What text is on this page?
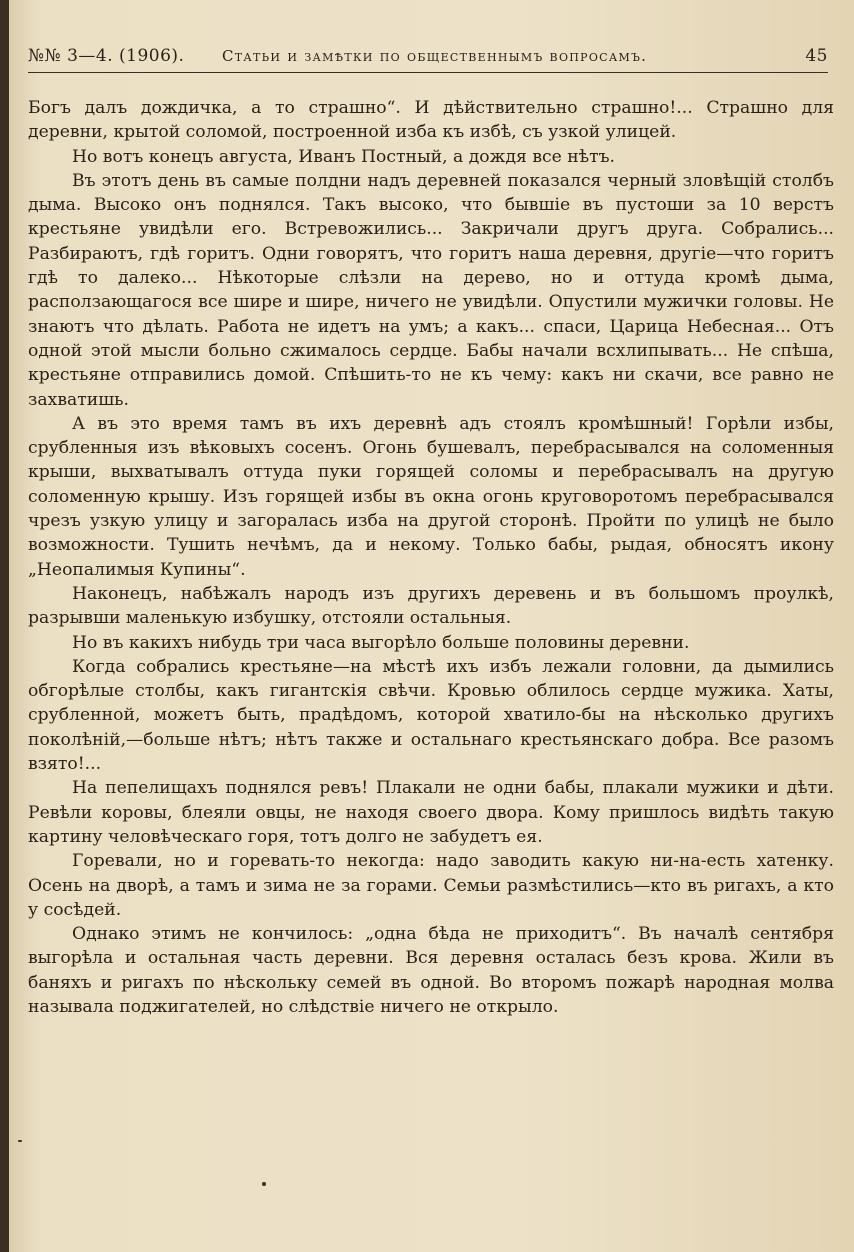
№№ 3—4. (1906).	Статьи и замѣтки по общественнымъ вопросамъ.	45

Богъ далъ дождичка, а то страшно“. И дѣйствительно страшно!... Страшно для деревни, крытой соломой, построенной изба къ избѣ, съ узкой улицей.

Но вотъ конецъ августа, Иванъ Постный, а дождя все нѣтъ.

Въ этотъ день въ самые полдни надъ деревней показался черный зловѣщій столбъ дыма. Высоко онъ поднялся. Такъ высоко, что бывшіе въ пустоши за 10 верстъ крестьяне увидѣли его. Встревожились... Закричали другъ друга. Собрались... Разбираютъ, гдѣ горитъ. Одни говорятъ, что горитъ наша деревня, другіе—что горитъ гдѣ то далеко... Нѣкоторые слѣзли на дерево, но и оттуда кромѣ дыма, расползающагося все шире и шире, ничего не увидѣли. Опустили мужички головы. Не знаютъ что дѣлать. Работа не идетъ на умъ; а какъ... спаси, Царица Небесная... Отъ одной этой мысли больно сжималось сердце. Бабы начали всхлипывать... Не спѣша, крестьяне отправились домой. Спѣшить-то не къ чему: какъ ни скачи, все равно не захватишь.

А въ это время тамъ въ ихъ деревнѣ адъ стоялъ кромѣшный! Горѣли избы, срубленныя изъ вѣковыхъ сосенъ. Огонь бушевалъ, перебрасывался на соломенныя крыши, выхватывалъ оттуда пуки горящей соломы и перебрасывалъ на другую соломенную крышу. Изъ горящей избы въ окна огонь круговоротомъ перебрасывался чрезъ узкую улицу и загоралась изба на другой сторонѣ. Пройти по улицѣ не было возможности. Тушить нечѣмъ, да и некому. Только бабы, рыдая, обносятъ икону „Неопалимыя Купины“.

Наконецъ, набѣжалъ народъ изъ другихъ деревень и въ большомъ проулкѣ, разрывши маленькую избушку, отстояли остальныя.

Но въ какихъ нибудь три часа выгорѣло больше половины деревни.

Когда собрались крестьяне—на мѣстѣ ихъ избъ лежали головни, да дымились обгорѣлые столбы, какъ гигантскія свѣчи. Кровью облилось сердце мужика. Хаты, срубленной, можетъ быть, прадѣдомъ, которой хватило-бы на нѣсколько другихъ поколѣній,—больше нѣтъ; нѣтъ также и остальнаго крестьянскаго добра. Все разомъ взято!...

На пепелищахъ поднялся ревъ! Плакали не одни бабы, плакали мужики и дѣти. Ревѣли коровы, блеяли овцы, не находя своего двора. Кому пришлось видѣть такую картину человѣческаго горя, тотъ долго не забудетъ ея.

Горевали, но и горевать-то некогда: надо заводить какую ни-на-есть хатенку. Осень на дворѣ, а тамъ и зима не за горами. Семьи размѣстились—кто въ ригахъ, а кто у сосѣдей.

Однако этимъ не кончилось: „одна бѣда не приходитъ“. Въ началѣ сентября выгорѣла и остальная часть деревни. Вся деревня осталась безъ крова. Жили въ баняхъ и ригахъ по нѣскольку семей въ одной. Во второмъ пожарѣ народная молва называла поджигателей, но слѣдствіе ничего не открыло.
